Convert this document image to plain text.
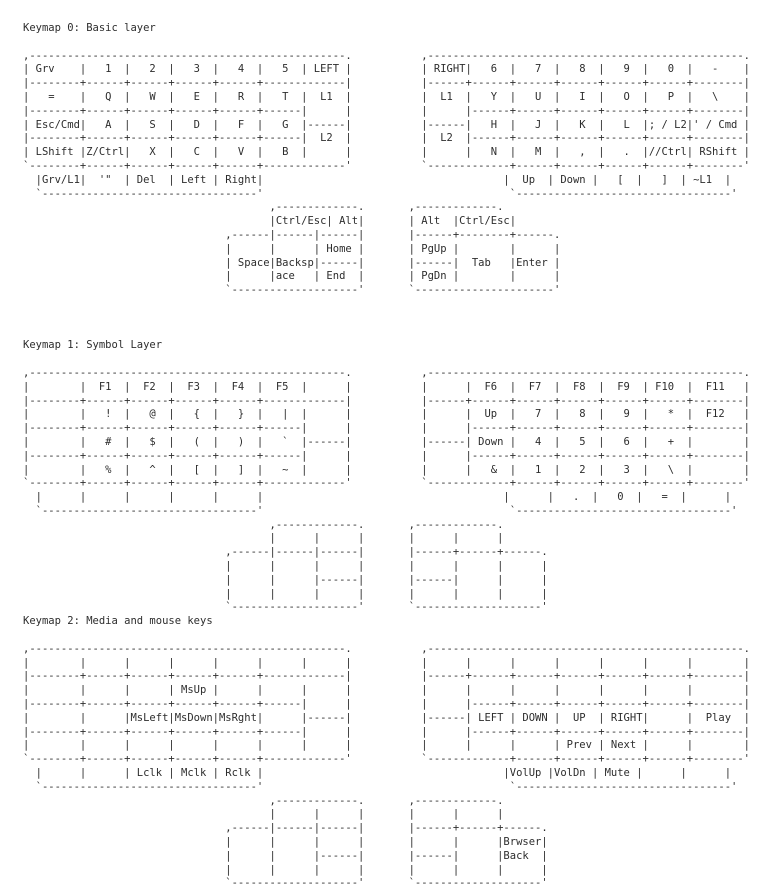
Keymap 0: Basic layer
,--------------------------------------------------.           ,--------------------------------------------------.
| Grv    |   1  |   2  |   3  |   4  |   5  | LEFT |           | RIGHT|   6  |   7  |   8  |   9  |   0  |   -    |
|--------+------+------+------+------+-------------|           |------+------+------+------+------+------+--------|
|   =    |   Q  |   W  |   E  |   R  |   T  |  L1  |           |  L1  |   Y  |   U  |   I  |   O  |   P  |   \    |
|--------+------+------+------+------+------|      |           |      |------+------+------+------+------+--------|
| Esc/Cmd|   A  |   S  |   D  |   F  |   G  |------|           |------|   H  |   J  |   K  |   L  |; / L2|' / Cmd |
|--------+------+------+------+------+------|  L2  |           |  L2  |------+------+------+------+------+--------|
| LShift |Z/Ctrl|   X  |   C  |   V  |   B  |      |           |      |   N  |   M  |   ,  |   .  |//Ctrl| RShift |
`--------+------+------+------+------+-------------'           `-------------+------+------+------+------+--------'
|Grv/L1|  '"  | Del  | Left | Right|                                      |  Up  | Down |   [  |   ]  | ~L1  |
`----------------------------------'                                       `----------------------------------'
,-------------.       ,-------------.
|Ctrl/Esc| Alt|       | Alt  |Ctrl/Esc|
,------|------|------|       |------+--------+------.
|      |      | Home |       | PgUp |        |      |
| Space|Backsp|------|       |------|  Tab   |Enter |
|      |ace   | End  |       | PgDn |        |      |
`--------------------'       `----------------------'
Keymap 1: Symbol Layer
,--------------------------------------------------.           ,--------------------------------------------------.
|        |  F1  |  F2  |  F3  |  F4  |  F5  |      |           |      |  F6  |  F7  |  F8  |  F9  | F10  |  F11   |
|--------+------+------+------+------+-------------|           |------+------+------+------+------+------+--------|
|        |   !  |   @  |   {  |   }  |   |  |      |           |      |  Up  |   7  |   8  |   9  |   *  |  F12   |
|--------+------+------+------+------+------|      |           |      |------+------+------+------+------+--------|
|        |   #  |   $  |   (  |   )  |   `  |------|           |------| Down |   4  |   5  |   6  |   +  |        |
|--------+------+------+------+------+------|      |           |      |------+------+------+------+------+--------|
|        |   %  |   ^  |   [  |   ]  |   ~  |      |           |      |   &  |   1  |   2  |   3  |   \  |        |
`--------+------+------+------+------+-------------'           `-------------+------+------+------+------+--------'
|      |      |      |      |      |                                      |      |   .  |   0  |   =  |      |
`----------------------------------'                                       `----------------------------------'
,-------------.       ,-------------.
|      |      |       |      |      |
,------|------|------|       |------+------+------.
|      |      |      |       |      |      |      |
|      |      |------|       |------|      |      |
|      |      |      |       |      |      |      |
`--------------------'       `--------------------'
Keymap 2: Media and mouse keys
,--------------------------------------------------.           ,--------------------------------------------------.
|        |      |      |      |      |      |      |           |      |      |      |      |      |      |        |
|--------+------+------+------+------+-------------|           |------+------+------+------+------+------+--------|
|        |      |      | MsUp |      |      |      |           |      |      |      |      |      |      |        |
|--------+------+------+------+------+------|      |           |      |------+------+------+------+------+--------|
|        |      |MsLeft|MsDown|MsRght|      |------|           |------| LEFT | DOWN |  UP  | RIGHT|      |  Play  |
|--------+------+------+------+------+------|      |           |      |------+------+------+------+------+--------|
|        |      |      |      |      |      |      |           |      |      |      | Prev | Next |      |        |
`--------+------+------+------+------+-------------'           `-------------+------+------+------+------+--------'
|      |      | Lclk | Mclk | Rclk |                                      |VolUp |VolDn | Mute |      |      |
`----------------------------------'                                       `----------------------------------'
,-------------.       ,-------------.
|      |      |       |      |      |
,------|------|------|       |------+------+------.
|      |      |      |       |      |      |Brwser|
|      |      |------|       |------|      |Back  |
|      |      |      |       |      |      |      |
`--------------------'       `--------------------'
